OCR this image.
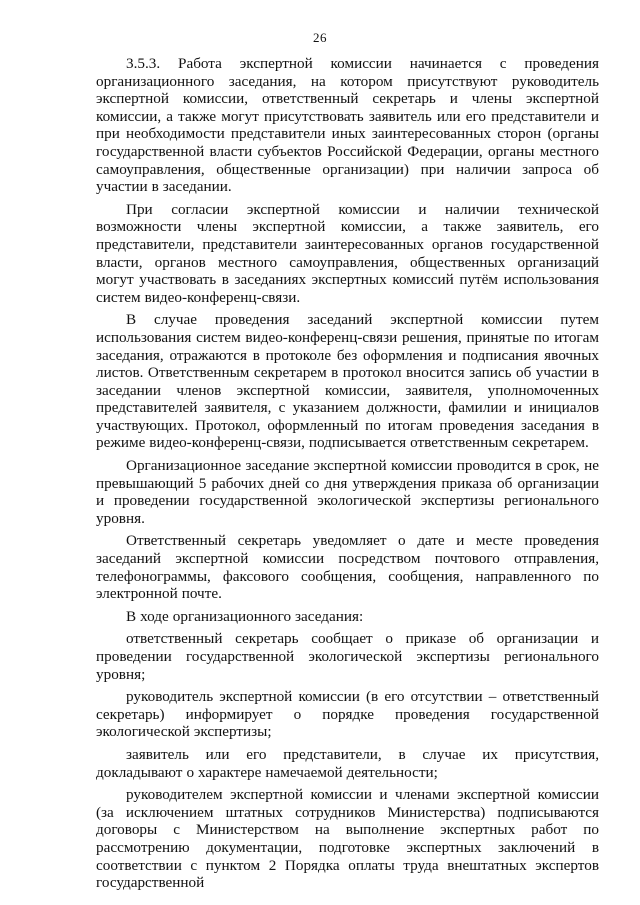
26

3.5.3. Работа экспертной комиссии начинается с проведения организационного заседания, на котором присутствуют руководитель экспертной комиссии, ответственный секретарь и члены экспертной комиссии, а также могут присутствовать заявитель или его представители и при необходимости представители иных заинтересованных сторон (органы государственной власти субъектов Российской Федерации, органы местного самоуправления, общественные организации) при наличии запроса об участии в заседании.

При согласии экспертной комиссии и наличии технической возможности члены экспертной комиссии, а также заявитель, его представители, представители заинтересованных органов государственной власти, органов местного самоуправления, общественных организаций могут участвовать в заседаниях экспертных комиссий путём использования систем видео-конференц-связи.

В случае проведения заседаний экспертной комиссии путем использования систем видео-конференц-связи решения, принятые по итогам заседания, отражаются в протоколе без оформления и подписания явочных листов. Ответственным секретарем в протокол вносится запись об участии в заседании членов экспертной комиссии, заявителя, уполномоченных представителей заявителя, с указанием должности, фамилии и инициалов участвующих. Протокол, оформленный по итогам проведения заседания в режиме видео-конференц-связи, подписывается ответственным секретарем.

Организационное заседание экспертной комиссии проводится в срок, не превышающий 5 рабочих дней со дня утверждения приказа об организации и проведении государственной экологической экспертизы регионального уровня.

Ответственный секретарь уведомляет о дате и месте проведения заседаний экспертной комиссии посредством почтового отправления, телефонограммы, факсового сообщения, сообщения, направленного по электронной почте.

В ходе организационного заседания:

ответственный секретарь сообщает о приказе об организации и проведении государственной экологической экспертизы регионального уровня;

руководитель экспертной комиссии (в его отсутствии – ответственный секретарь) информирует о порядке проведения государственной экологической экспертизы;

заявитель или его представители, в случае их присутствия, докладывают о характере намечаемой деятельности;

руководителем экспертной комиссии и членами экспертной комиссии (за исключением штатных сотрудников Министерства) подписываются договоры с Министерством на выполнение экспертных работ по рассмотрению документации, подготовке экспертных заключений в соответствии с пунктом 2 Порядка оплаты труда внештатных экспертов государственной
